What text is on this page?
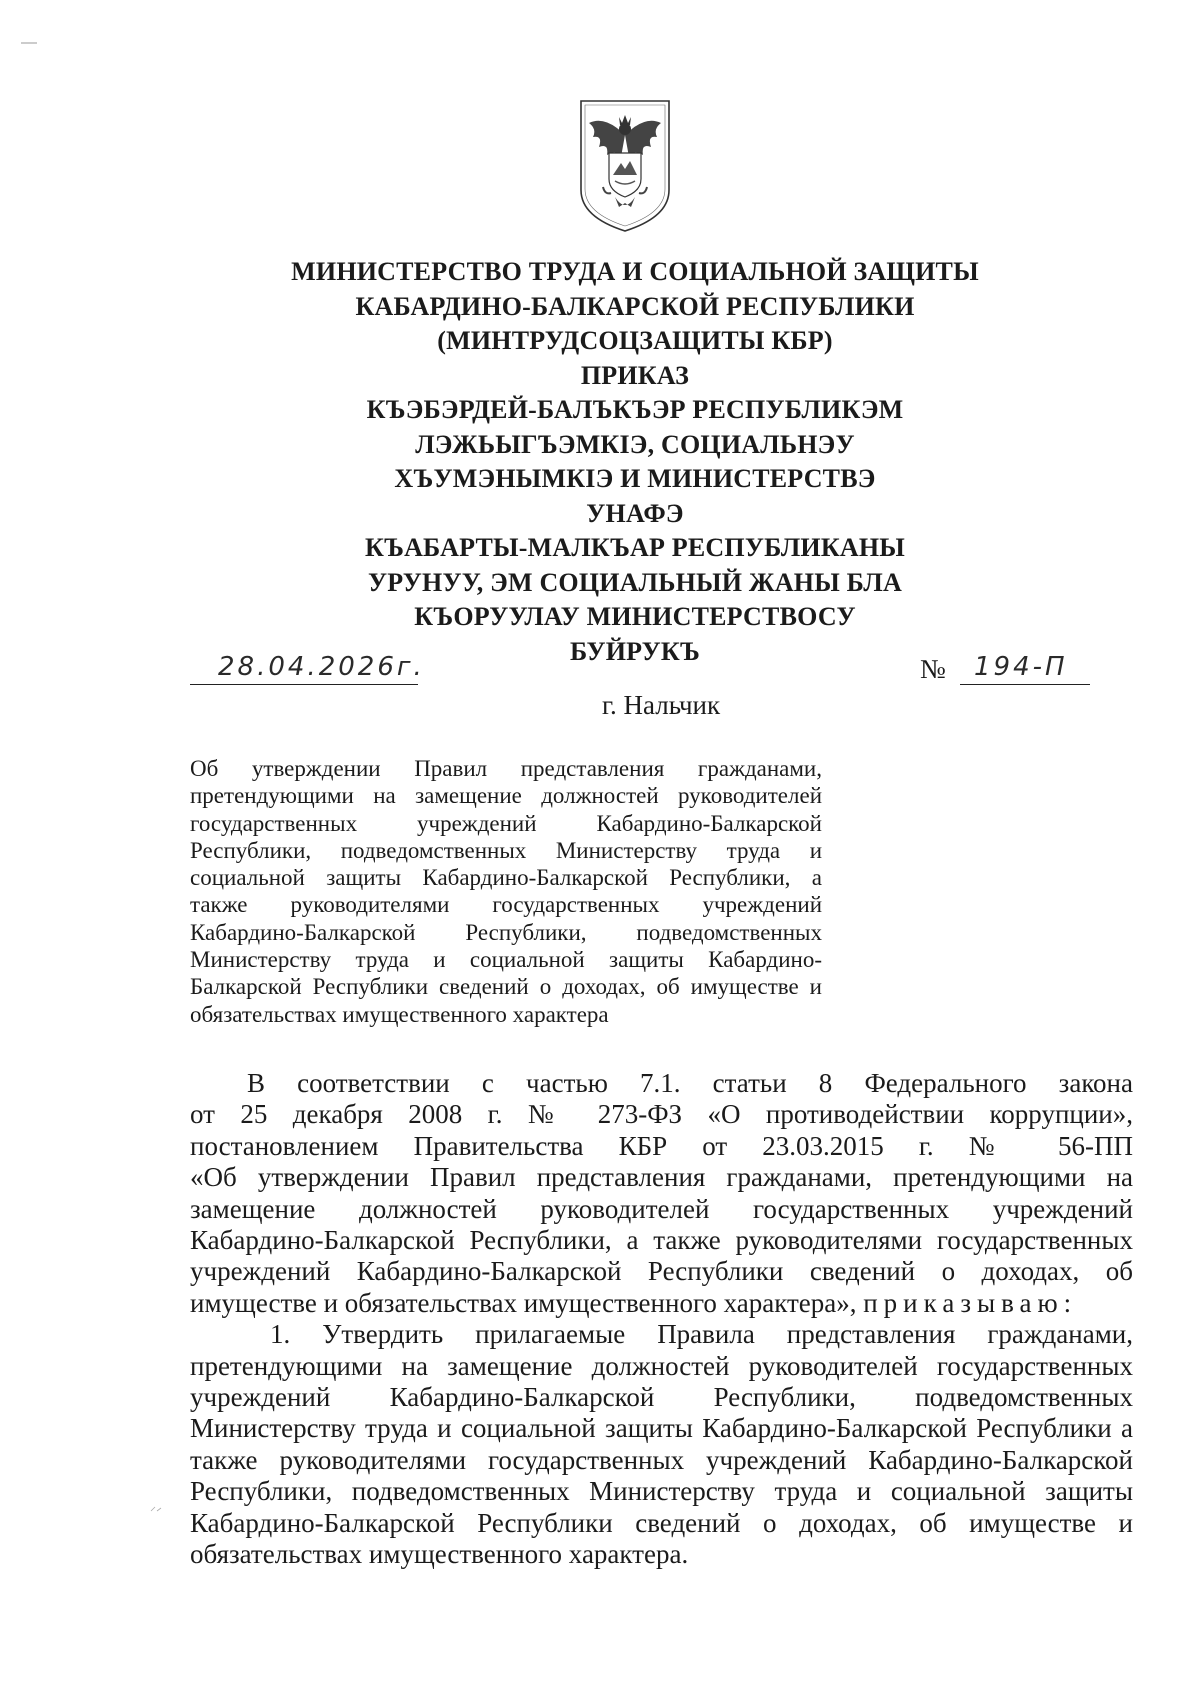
МИНИСТЕРСТВО ТРУДА И СОЦИАЛЬНОЙ ЗАЩИТЫ
КАБАРДИНО-БАЛКАРСКОЙ РЕСПУБЛИКИ
(МИНТРУДСОЦЗАЩИТЫ КБР)
ПРИКАЗ
КЪЭБЭРДЕЙ-БАЛЪКЪЭР РЕСПУБЛИКЭМ
ЛЭЖЬЫГЪЭМКIЭ, СОЦИАЛЬНЭУ
ХЪУМЭНЫМКIЭ И МИНИСТЕРСТВЭ
УНАФЭ
КЪАБАРТЫ-МАЛКЪАР РЕСПУБЛИКАНЫ
УРУНУУ, ЭМ СОЦИАЛЬНЫЙ ЖАНЫ БЛА
КЪОРУУЛАУ МИНИСТЕРСТВОСУ
БУЙРУКЪ
28.04.2026г.	№ 194-П
г. Нальчик
Об утверждении Правил представления гражданами,
претендующими на замещение должностей руководителей
государственных учреждений Кабардино-Балкарской
Республики, подведомственных Министерству труда и
социальной защиты Кабардино-Балкарской Республики, а
также руководителями государственных учреждений
Кабардино-Балкарской Республики, подведомственных
Министерству труда и социальной защиты Кабардино-
Балкарской Республики сведений о доходах, об имуществе и
обязательствах имущественного характера
В соответствии с частью 7.1. статьи 8 Федерального закона
от 25 декабря 2008 г. № 273-ФЗ «О противодействии коррупции»,
постановлением Правительства КБР от 23.03.2015 г. № 56-ПП
«Об утверждении Правил представления гражданами, претендующими на
замещение должностей руководителей государственных учреждений
Кабардино-Балкарской Республики, а также руководителями государственных
учреждений Кабардино-Балкарской Республики сведений о доходах, об
имуществе и обязательствах имущественного характера», приказываю:
1. Утвердить прилагаемые Правила представления гражданами,
претендующими на замещение должностей руководителей государственных
учреждений Кабардино-Балкарской Республики, подведомственных
Министерству труда и социальной защиты Кабардино-Балкарской Республики а
также руководителями государственных учреждений Кабардино-Балкарской
Республики, подведомственных Министерству труда и социальной защиты
Кабардино-Балкарской Республики сведений о доходах, об имуществе и
обязательствах имущественного характера.
